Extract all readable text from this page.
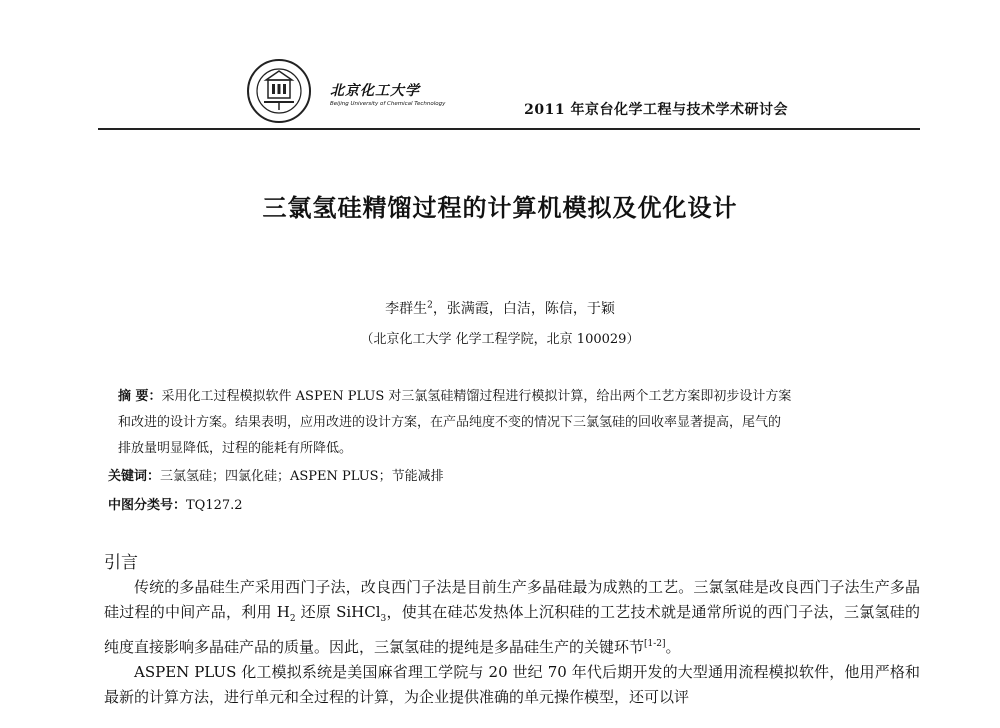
北京化工大学
Beijing University of Chemical Technology	2011 年京台化学工程与技术学术研讨会
三氯氢硅精馏过程的计算机模拟及优化设计
李群生$^2$，张满霞，白洁，陈信，于颖
（北京化工大学 化学工程学院，北京 100029）

摘 要：采用化工过程模拟软件 ASPEN PLUS 对三氯氢硅精馏过程进行模拟计算，给出两个工艺方案即初步设计方案

和改进的设计方案。结果表明，应用改进的设计方案，在产品纯度不变的情况下三氯氢硅的回收率显著提高，尾气的

排放量明显降低，过程的能耗有所降低。

关键词：三氯氢硅；四氯化硅；ASPEN PLUS；节能减排
中图分类号：TQ127.2
引言

传统的多晶硅生产采用西门子法，改良西门子法是目前生产多晶硅最为成熟的工艺。三氯氢硅是改良西门子法生产多晶硅过程的中间产品，利用 $H_2$ 还原 SiHCl$_3$，使其在硅芯发热体上沉积硅的工艺技术就是通常所说的西门子法，三氯氢硅的纯度直接影响多晶硅产品的质量。因此，三氯氢硅的提纯是多晶硅生产的关键环节[1-2]。

ASPEN PLUS 化工模拟系统是美国麻省理工学院与 20 世纪 70 年代后期开发的大型通用流程模拟软件，他用严格和最新的计算方法，进行单元和全过程的计算，为企业提供准确的单元操作模型，还可以评
